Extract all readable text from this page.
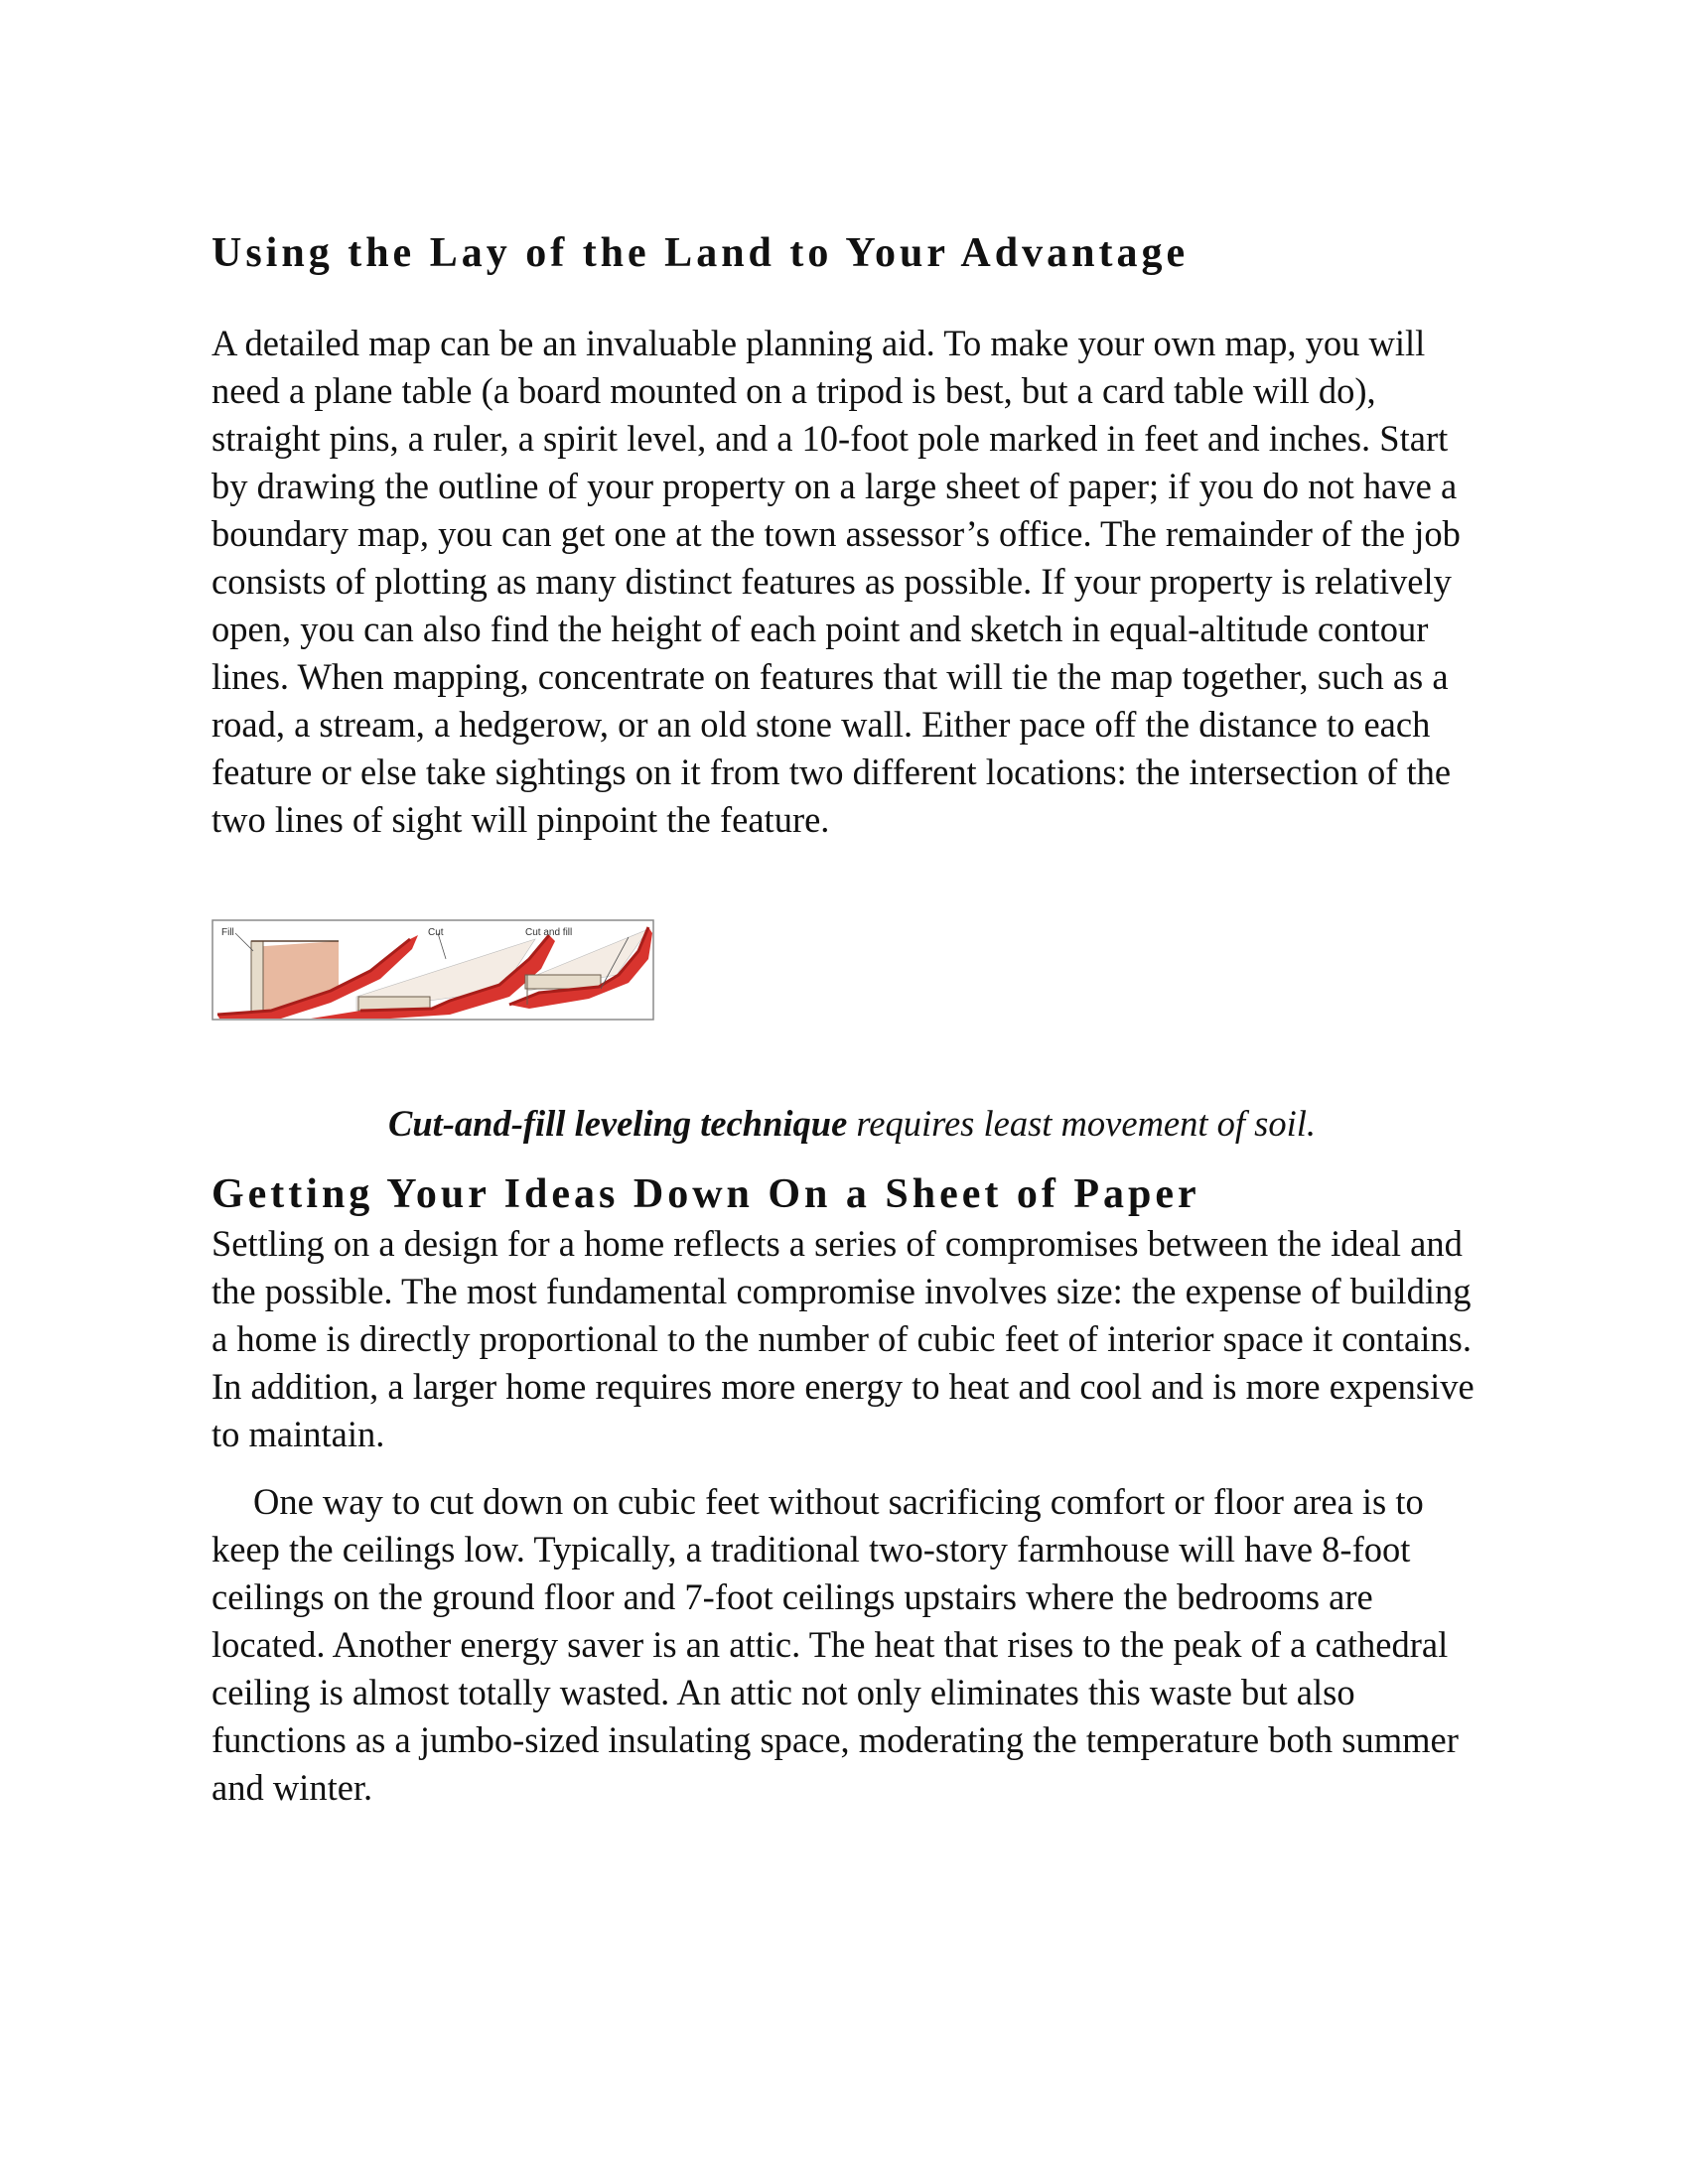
Using the Lay of the Land to Your Advantage

A detailed map can be an invaluable planning aid. To make your own map, you will need a plane table (a board mounted on a tripod is best, but a card table will do), straight pins, a ruler, a spirit level, and a 10-foot pole marked in feet and inches. Start by drawing the outline of your property on a large sheet of paper; if you do not have a boundary map, you can get one at the town assessor’s office. The remainder of the job consists of plotting as many distinct features as possible. If your property is relatively open, you can also find the height of each point and sketch in equal-altitude contour lines. When mapping, concentrate on features that will tie the map together, such as a road, a stream, a hedgerow, or an old stone wall. Either pace off the distance to each feature or else take sightings on it from two different locations: the intersection of the two lines of sight will pinpoint the feature.

Fill	Cut	Cut and fill
Cut-and-fill leveling technique requires least movement of soil.
Getting Your Ideas Down On a Sheet of Paper

Settling on a design for a home reflects a series of compromises between the ideal and the possible. The most fundamental compromise involves size: the expense of building a home is directly proportional to the number of cubic feet of interior space it contains. In addition, a larger home requires more energy to heat and cool and is more expensive to maintain.

One way to cut down on cubic feet without sacrificing comfort or floor area is to keep the ceilings low. Typically, a traditional two-story farmhouse will have 8-foot ceilings on the ground floor and 7-foot ceilings upstairs where the bedrooms are located. Another energy saver is an attic. The heat that rises to the peak of a cathedral ceiling is almost totally wasted. An attic not only eliminates this waste but also functions as a jumbo-sized insulating space, moderating the temperature both summer and winter.
